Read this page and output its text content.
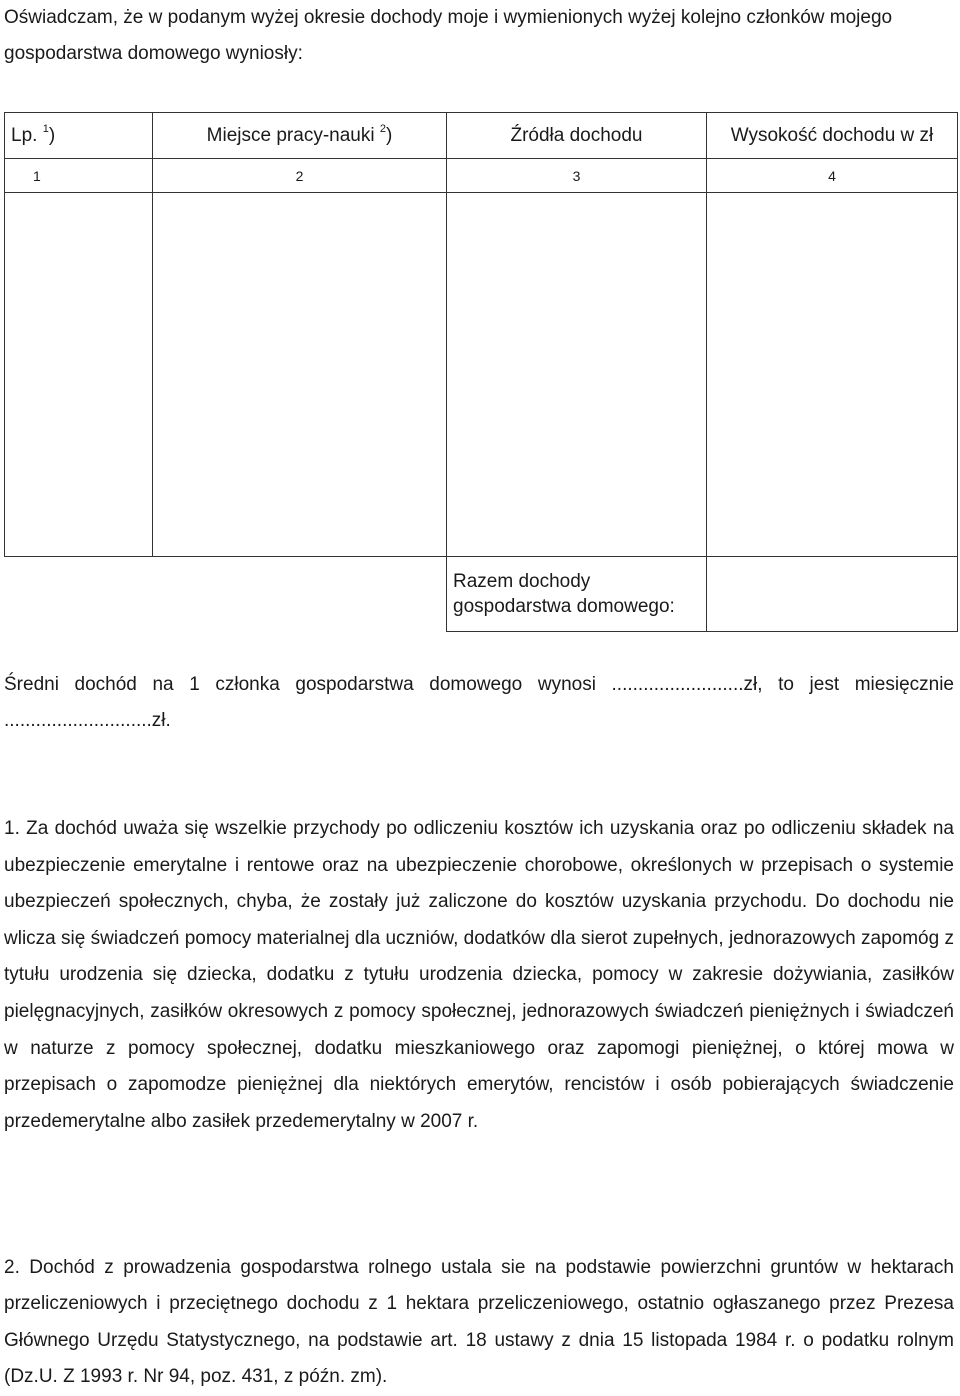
Oświadczam, że w podanym wyżej okresie dochody moje i wymienionych wyżej kolejno członków mojego gospodarstwa domowego wyniosły:

Lp. $^1$)	Miejsce pracy-nauki $^2$)	Źródła dochodu	Wysokość dochodu w zł
1	2	3	4

		Razem dochody
gospodarstwa domowego:	

Średni dochód na 1 członka gospodarstwa domowego wynosi .........................zł, to jest miesięcznie ............................zł.

1. Za dochód uważa się wszelkie przychody po odliczeniu kosztów ich uzyskania oraz po odliczeniu składek na ubezpieczenie emerytalne i rentowe oraz na ubezpieczenie chorobowe, określonych w przepisach o systemie ubezpieczeń społecznych, chyba, że zostały już zaliczone do kosztów uzyskania przychodu. Do dochodu nie wlicza się świadczeń pomocy materialnej dla uczniów, dodatków dla sierot zupełnych, jednorazowych zapomóg z tytułu urodzenia się dziecka, dodatku z tytułu urodzenia dziecka, pomocy w zakresie dożywiania, zasiłków pielęgnacyjnych, zasiłków okresowych z pomocy społecznej, jednorazowych świadczeń pieniężnych i świadczeń w naturze z pomocy społecznej, dodatku mieszkaniowego oraz zapomogi pieniężnej, o której mowa w przepisach o zapomodze pieniężnej dla niektórych emerytów, rencistów i osób pobierających świadczenie przedemerytalne albo zasiłek przedemerytalny w 2007 r.

2. Dochód z prowadzenia gospodarstwa rolnego ustala sie na podstawie powierzchni gruntów w hektarach przeliczeniowych i przeciętnego dochodu z 1 hektara przeliczeniowego, ostatnio ogłaszanego przez Prezesa Głównego Urzędu Statystycznego, na podstawie art. 18 ustawy z dnia 15 listopada 1984 r. o podatku rolnym (Dz.U. Z 1993 r. Nr 94, poz. 431, z późn. zm).
